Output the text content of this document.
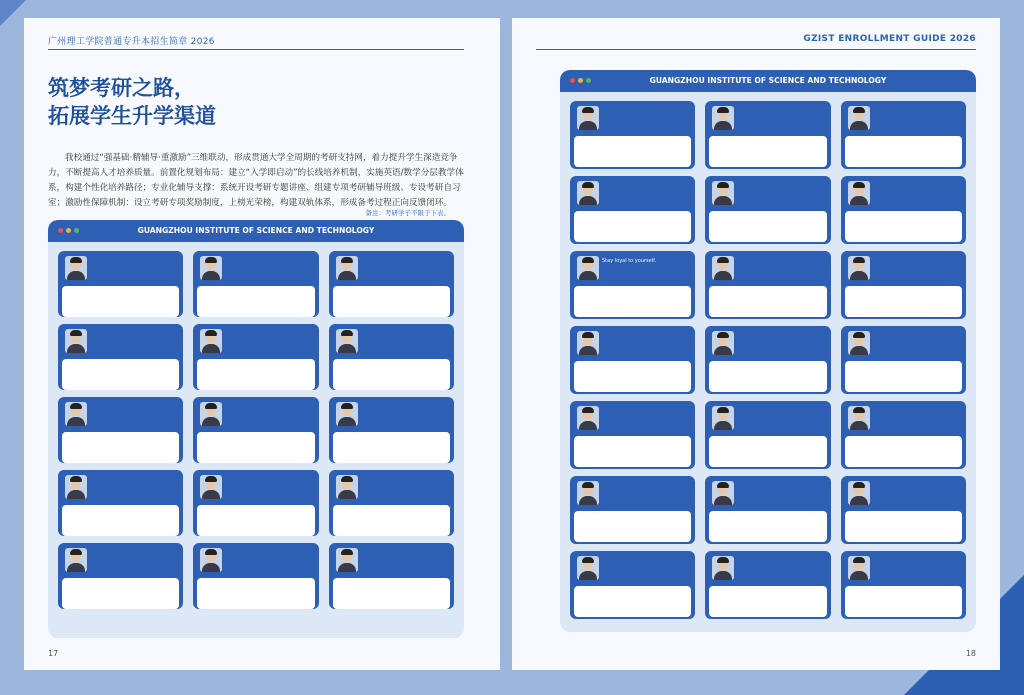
广州理工学院普通专升本招生简章 2026
筑梦考研之路，
拓展学生升学渠道

我校通过“强基础·精辅导·重激励”三维联动，形成贯通大学全周期的考研支持网，着力提升学生深造竞争力，不断提高人才培养质量。前置化规划布局：建立“入学即启动”的长线培养机制，实施英语/数学分层教学体系，构建个性化培养路径；专业化辅导支撑：系统开设考研专题讲座、组建专项考研辅导班级、专设考研自习室；激励性保障机制：设立考研专项奖励制度，上榜光荣榜，构建双轨体系，形成备考过程正向反馈闭环。

备注：考研学子不限于下表。
GUANGZHOU INSTITUTE OF SCIENCE AND TECHNOLOGY
17
GZIST ENROLLMENT GUIDE 2026
GUANGZHOU INSTITUTE OF SCIENCE AND TECHNOLOGY
Stay loyal to yourself.
18
